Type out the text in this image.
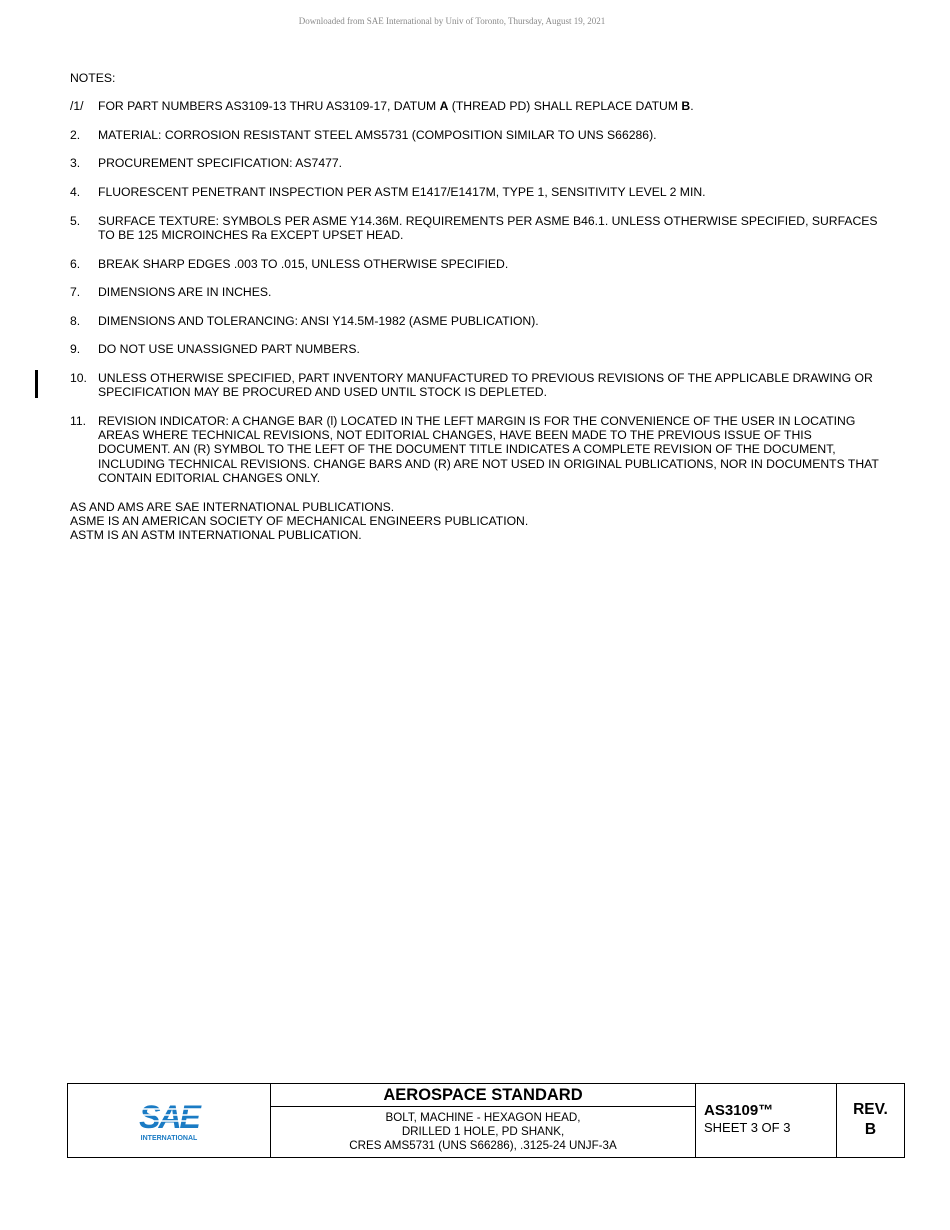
Downloaded from SAE International by Univ of Toronto, Thursday, August 19, 2021
NOTES:
/1/	FOR PART NUMBERS AS3109-13 THRU AS3109-17, DATUM A (THREAD PD) SHALL REPLACE DATUM B.
2.	MATERIAL: CORROSION RESISTANT STEEL AMS5731 (COMPOSITION SIMILAR TO UNS S66286).
3.	PROCUREMENT SPECIFICATION: AS7477.
4.	FLUORESCENT PENETRANT INSPECTION PER ASTM E1417/E1417M, TYPE 1, SENSITIVITY LEVEL 2 MIN.
5.	SURFACE TEXTURE: SYMBOLS PER ASME Y14.36M. REQUIREMENTS PER ASME B46.1. UNLESS OTHERWISE SPECIFIED, SURFACES TO BE 125 MICROINCHES Ra EXCEPT UPSET HEAD.
6.	BREAK SHARP EDGES .003 TO .015, UNLESS OTHERWISE SPECIFIED.
7.	DIMENSIONS ARE IN INCHES.
8.	DIMENSIONS AND TOLERANCING: ANSI Y14.5M-1982 (ASME PUBLICATION).
9.	DO NOT USE UNASSIGNED PART NUMBERS.
10. UNLESS OTHERWISE SPECIFIED, PART INVENTORY MANUFACTURED TO PREVIOUS REVISIONS OF THE APPLICABLE DRAWING OR SPECIFICATION MAY BE PROCURED AND USED UNTIL STOCK IS DEPLETED.
11. REVISION INDICATOR: A CHANGE BAR (l) LOCATED IN THE LEFT MARGIN IS FOR THE CONVENIENCE OF THE USER IN LOCATING AREAS WHERE TECHNICAL REVISIONS, NOT EDITORIAL CHANGES, HAVE BEEN MADE TO THE PREVIOUS ISSUE OF THIS DOCUMENT. AN (R) SYMBOL TO THE LEFT OF THE DOCUMENT TITLE INDICATES A COMPLETE REVISION OF THE DOCUMENT, INCLUDING TECHNICAL REVISIONS. CHANGE BARS AND (R) ARE NOT USED IN ORIGINAL PUBLICATIONS, NOR IN DOCUMENTS THAT CONTAIN EDITORIAL CHANGES ONLY.
AS AND AMS ARE SAE INTERNATIONAL PUBLICATIONS.
ASME IS AN AMERICAN SOCIETY OF MECHANICAL ENGINEERS PUBLICATION.
ASTM IS AN ASTM INTERNATIONAL PUBLICATION.
SAE
INTERNATIONAL
AEROSPACE STANDARD
BOLT, MACHINE - HEXAGON HEAD,
DRILLED 1 HOLE, PD SHANK,
CRES AMS5731 (UNS S66286), .3125-24 UNJF-3A
AS3109™
SHEET 3 OF 3
REV.
B
